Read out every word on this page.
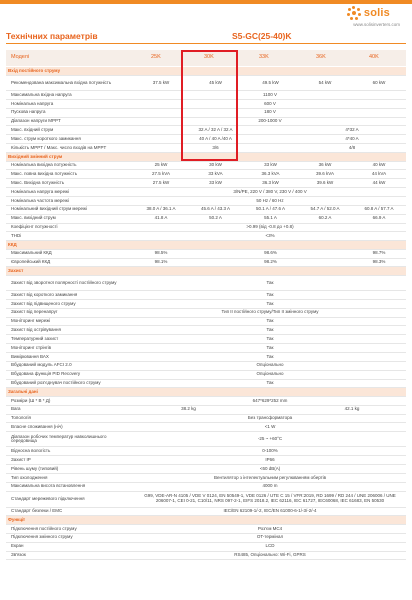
solis
www.solisinverters.com
Технічних параметрів	S5-GC(25-40)K
Моделі	25K	30K	33K	36K	40K
Вхід постійного струму					
Рекомендована максимальна вхідна потужність	37.5 kW	45 kW	49.5 kW	54 kW	60 kW
Максимальна вхідна напруга	1100 V				
Номінальна напруга	600 V				
Пускова напруга	180 V				
Діапазон напруги MPPT	200-1000 V				
Макс. вхідний струм		32 A / 32 A / 32 A		4*32 A	
Макс. струм короткого замикання		40 A / 40 A /40 A		4*40 A	
Кількість MPPT / Макс. число входів на MPPT		3/6		4/8	
Вихідний змінний струм					
Номінальна вихідна потужність	25 kW	30 kW	33 kW	36 kW	40 kW
Макс. повна вихідна потужність	27.5 kVA	33 kVA	36.3 kVA	39.6 kVA	44 kVA
Макс. Вихідна потужність	27.5 kW	33 kW	36.3 kW	39.6 kW	44 kW
Номінальна напруга мережі	3/N/PE, 220 V / 380 V, 230 V / 400 V				
Номінальна частота мережі	50 Hz / 60 Hz				
Номінальний вихідний струм мережі	38.0 A / 36.1 A	45.6 A / 43.3 A	50.1 A / 47.6 A	54.7 A / 52.0 A	60.8 A / 57.7 A
Макс. вихідний струм	41.8 A	50.2 A	55.1 A	60.2 A	66.9 A
Коефіцієнт потужності	>0.99 (від -0.8 до +0.8)				
THDi	<3%				
ККД					
Максимальний ККД	98.5%		98.6%		98.7%
Європейський ККД	98.1%		98.2%		98.3%
Захист					
Захист від зворотної полярності постійного струму	Так				
Захист від короткого замикання	Так				
Захист від підвищеного струму	Так				
Захист від перенапруг	Тип II постійного струму/Тип II змінного струму				
Моніторинг мережі	Так				
Захист від острівування	Так				
Температурний захист	Так				
Моніторинг стрінгів	Так				
Вимірювання ВАХ	Так				
Вбудований модуль AFCI 2.0	Опціонально				
Вбудована функція PID Recovery	Опціонально				
Вбудований роз'єднувач постійного струму	Так				
Загальні дані					
Розміри (Ш * В * Д)	647*629*252 mm				
Вага	38.2 kg			42.1 kg	
Топологія	Без трансформатора				
Власне споживання (ніч)	<1 W				
Діапазон робочих температур навколишнього середовища	-25 ~ +60°C				
Відносна вологість	0-100%				
Захист IP	IP66				
Рівень шуму (типовий)	<60 dB(A)				
Тип охолодження	Вентилятор з інтелектуальним регулюванням обертів				
Максимальна висота встановлення	4000 m				
Стандарт мережевого підключення	G99, VDE-AR-N 4105 / VDE V 0124, EN 50549-1, VDE 0126 / UTE C 15 / VFR:2019, RD 1699 / RD 244 / UNE 206006 / UNE 206007-1, CEI 0-21, C10/11, NRS 097-2-1, EIFS 2018.2, IEC 62116, IEC 61727, IEC60068, IEC 61683, EN 50530				
Стандарт безпеки / EMC	IEC/EN 62109-1/-2, IEC/EN 61000-6-1/-3/-2/-4				
Функції					
Підключення постійного струму	Роз'єм MC4				
Підключення змінного струму	OT-термінал				
Екран	LCD				
Зв'язок	RS485, Опціонально: Wi-Fi, GPRS				
